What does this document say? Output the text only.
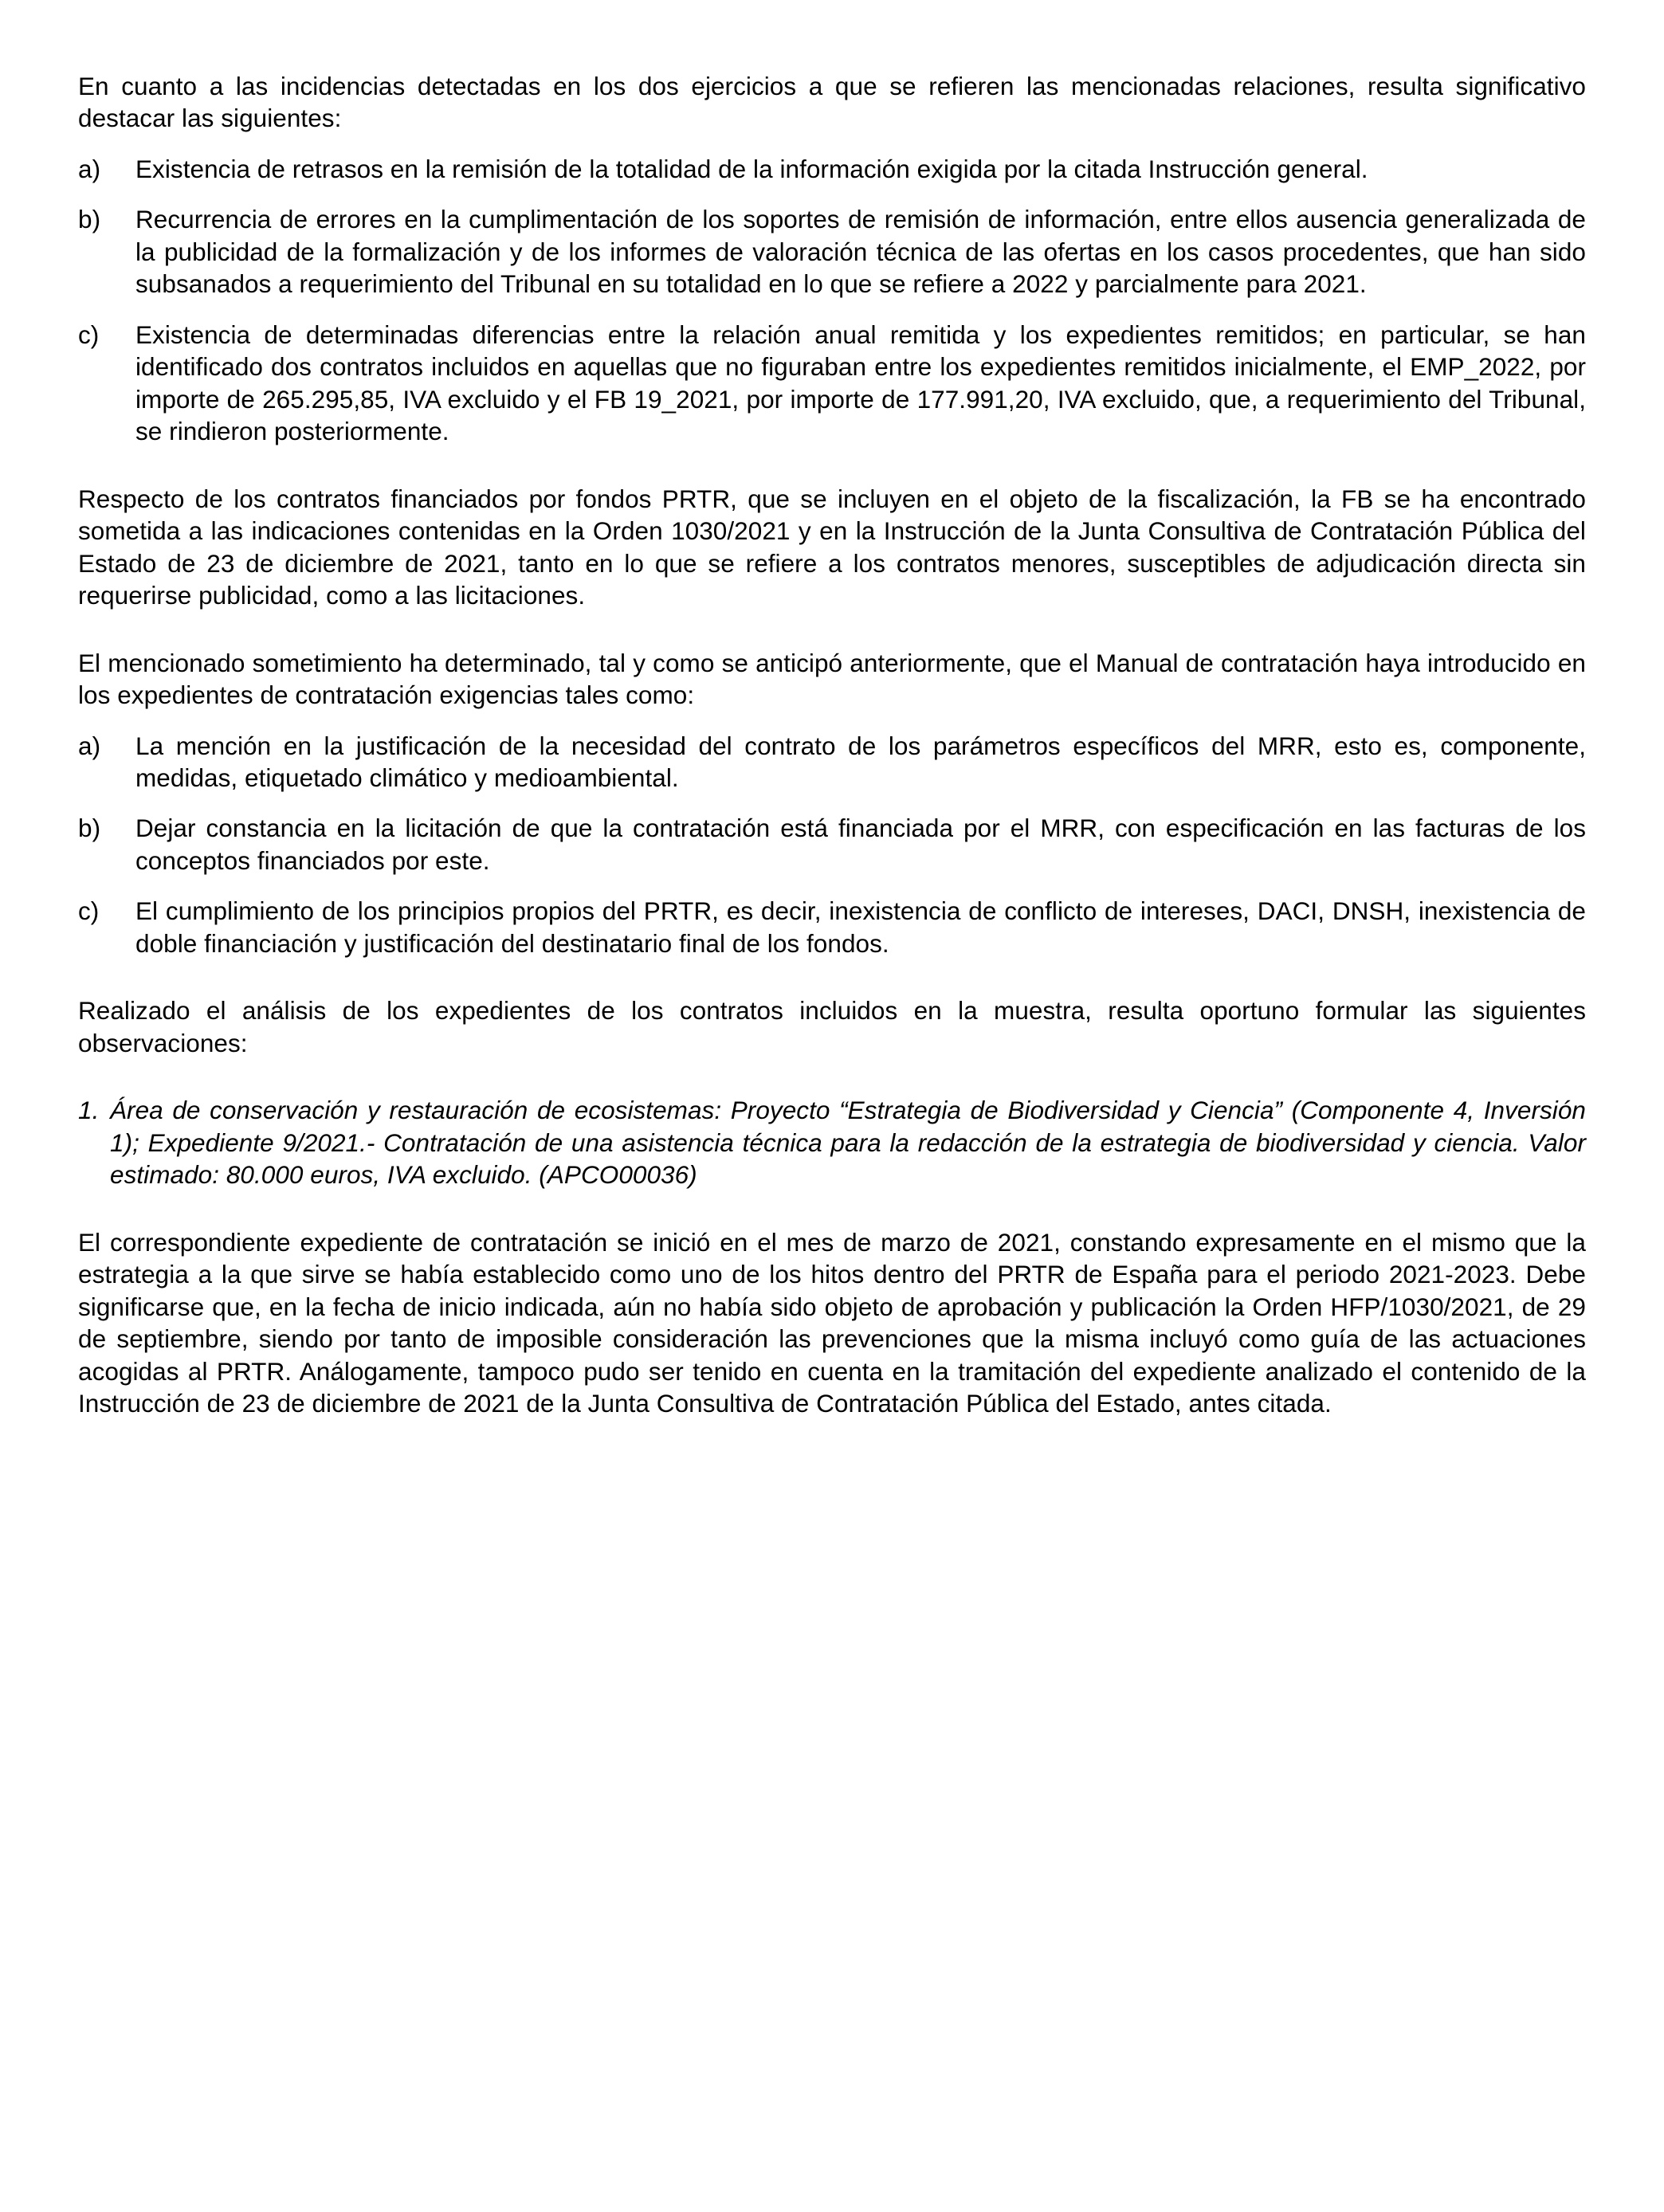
En cuanto a las incidencias detectadas en los dos ejercicios a que se refieren las mencionadas relaciones, resulta significativo destacar las siguientes:

a)	Existencia de retrasos en la remisión de la totalidad de la información exigida por la citada Instrucción general.
b)	Recurrencia de errores en la cumplimentación de los soportes de remisión de información, entre ellos ausencia generalizada de la publicidad de la formalización y de los informes de valoración técnica de las ofertas en los casos procedentes, que han sido subsanados a requerimiento del Tribunal en su totalidad en lo que se refiere a 2022 y parcialmente para 2021.
c)	Existencia de determinadas diferencias entre la relación anual remitida y los expedientes remitidos; en particular, se han identificado dos contratos incluidos en aquellas que no figuraban entre los expedientes remitidos inicialmente, el EMP_2022, por importe de 265.295,85, IVA excluido y el FB 19_2021, por importe de 177.991,20, IVA excluido, que, a requerimiento del Tribunal, se rindieron posteriormente.

Respecto de los contratos financiados por fondos PRTR, que se incluyen en el objeto de la fiscalización, la FB se ha encontrado sometida a las indicaciones contenidas en la Orden 1030/2021 y en la Instrucción de la Junta Consultiva de Contratación Pública del Estado de 23 de diciembre de 2021, tanto en lo que se refiere a los contratos menores, susceptibles de adjudicación directa sin requerirse publicidad, como a las licitaciones.

El mencionado sometimiento ha determinado, tal y como se anticipó anteriormente, que el Manual de contratación haya introducido en los expedientes de contratación exigencias tales como:

a)	La mención en la justificación de la necesidad del contrato de los parámetros específicos del MRR, esto es, componente, medidas, etiquetado climático y medioambiental.
b)	Dejar constancia en la licitación de que la contratación está financiada por el MRR, con especificación en las facturas de los conceptos financiados por este.
c)	El cumplimiento de los principios propios del PRTR, es decir, inexistencia de conflicto de intereses, DACI, DNSH, inexistencia de doble financiación y justificación del destinatario final de los fondos.

Realizado el análisis de los expedientes de los contratos incluidos en la muestra, resulta oportuno formular las siguientes observaciones:

1. Área de conservación y restauración de ecosistemas: Proyecto “Estrategia de Biodiversidad y Ciencia” (Componente 4, Inversión 1); Expediente 9/2021.- Contratación de una asistencia técnica para la redacción de la estrategia de biodiversidad y ciencia. Valor estimado: 80.000 euros, IVA excluido. (APCO00036)

El correspondiente expediente de contratación se inició en el mes de marzo de 2021, constando expresamente en el mismo que la estrategia a la que sirve se había establecido como uno de los hitos dentro del PRTR de España para el periodo 2021-2023. Debe significarse que, en la fecha de inicio indicada, aún no había sido objeto de aprobación y publicación la Orden HFP/1030/2021, de 29 de septiembre, siendo por tanto de imposible consideración las prevenciones que la misma incluyó como guía de las actuaciones acogidas al PRTR. Análogamente, tampoco pudo ser tenido en cuenta en la tramitación del expediente analizado el contenido de la Instrucción de 23 de diciembre de 2021 de la Junta Consultiva de Contratación Pública del Estado, antes citada.
